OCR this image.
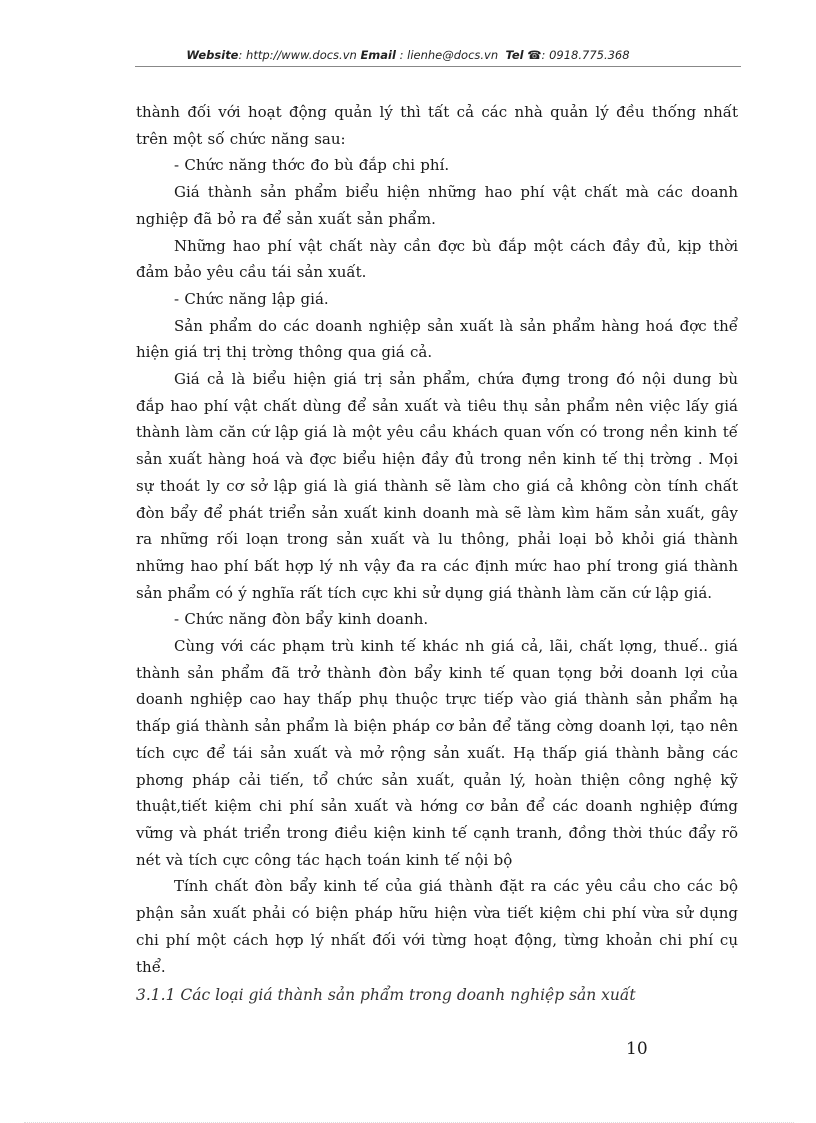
Website: http://www.docs.vn Email : lienhe@docs.vn Tel ☎: 0918.775.368

thành đối với hoạt động quản lý thì tất cả các nhà quản lý đều thống nhất trên một số chức năng sau:

- Chức năng thớc đo bù đắp chi phí.

Giá thành sản phẩm biểu hiện những hao phí vật chất mà các doanh nghiệp đã bỏ ra để sản xuất sản phẩm.

Những hao phí vật chất này cần đợc bù đắp một cách đầy đủ, kịp thời đảm bảo yêu cầu tái sản xuất.

- Chức năng lập giá.

Sản phẩm do các doanh nghiệp sản xuất là sản phẩm hàng hoá đợc thể hiện giá trị thị trờng thông qua giá cả.

Giá cả là biểu hiện giá trị sản phẩm, chứa đựng trong đó nội dung bù đắp hao phí vật chất dùng để sản xuất và tiêu thụ sản phẩm nên việc lấy giá thành làm căn cứ lập giá là một yêu cầu khách quan vốn có trong nền kinh tế sản xuất hàng hoá và đợc biểu hiện đầy đủ trong nền kinh tế thị trờng . Mọi sự thoát ly cơ sở lập giá là giá thành sẽ làm cho giá cả không còn tính chất đòn bẩy để phát triển sản xuất kinh doanh mà sẽ làm kìm hãm sản xuất, gây ra những rối loạn trong sản xuất và lu thông, phải loại bỏ khỏi giá thành những hao phí bất hợp lý nh vậy đa ra các định mức hao phí trong giá thành sản phẩm có ý nghĩa rất tích cực khi sử dụng giá thành làm căn cứ lập giá.

- Chức năng đòn bẩy kinh doanh.

Cùng với các phạm trù kinh tế khác nh giá cả, lãi, chất lợng, thuế.. giá thành sản phẩm đã trở thành đòn bẩy kinh tế quan tọng bởi doanh lợi của doanh nghiệp cao hay thấp phụ thuộc trực tiếp vào giá thành sản phẩm hạ thấp giá thành sản phẩm là biện pháp cơ bản để tăng cờng doanh lợi, tạo nên tích cực để tái sản xuất và mở rộng sản xuất. Hạ thấp giá thành bằng các phơng pháp cải tiến, tổ chức sản xuất, quản lý, hoàn thiện công nghệ kỹ thuật,tiết kiệm chi phí sản xuất và hớng cơ bản để các doanh nghiệp đứng vững và phát triển trong điều kiện kinh tế cạnh tranh, đồng thời thúc đẩy rõ nét và tích cực công tác hạch toán kinh tế nội bộ

Tính chất đòn bẩy kinh tế của giá thành đặt ra các yêu cầu cho các bộ phận sản xuất phải có biện pháp hữu hiện vừa tiết kiệm chi phí vừa sử dụng chi phí một cách hợp lý nhất đối với từng hoạt động, từng khoản chi phí cụ thể.

3.1.1 Các loại giá thành sản phẩm trong doanh nghiệp sản xuất
10
